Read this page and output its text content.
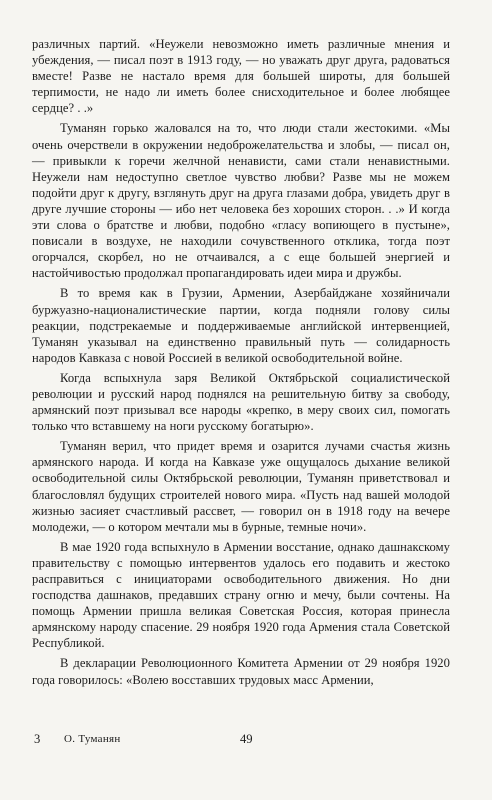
различных партий. «Неужели невозможно иметь различные мнения и убеждения, — писал поэт в 1913 году, — но уважать друг друга, радоваться вместе! Разве не настало время для большей широты, для большей терпимости, не надо ли иметь более снисходительное и более любящее сердце? . .»

Туманян горько жаловался на то, что люди стали жестокими. «Мы очень очерствели в окружении недоброжелательства и злобы, — писал он, — привыкли к горечи желчной ненависти, сами стали ненавистными. Неужели нам недоступно светлое чувство любви? Разве мы не можем подойти друг к другу, взглянуть друг на друга глазами добра, увидеть друг в друге лучшие стороны — ибо нет человека без хороших сторон. . .» И когда эти слова о братстве и любви, подобно «гласу вопиющего в пустыне», повисали в воздухе, не находили сочувственного отклика, тогда поэт огорчался, скорбел, но не отчаивался, а с еще большей энергией и настойчивостью продолжал пропагандировать идеи мира и дружбы.

В то время как в Грузии, Армении, Азербайджане хозяйничали буржуазно-националистические партии, когда подняли голову силы реакции, подстрекаемые и поддерживаемые английской интервенцией, Туманян указывал на единственно правильный путь — солидарность народов Кавказа с новой Россией в великой освободительной войне.

Когда вспыхнула заря Великой Октябрьской социалистической революции и русский народ поднялся на решительную битву за свободу, армянский поэт призывал все народы «крепко, в меру своих сил, помогать только что вставшему на ноги русскому богатырю».

Туманян верил, что придет время и озарится лучами счастья жизнь армянского народа. И когда на Кавказе уже ощущалось дыхание великой освободительной силы Октябрьской революции, Туманян приветствовал и благословлял будущих строителей нового мира. «Пусть над вашей молодой жизнью засияет счастливый рассвет, — говорил он в 1918 году на вечере молодежи, — о котором мечтали мы в бурные, темные ночи».

В мае 1920 года вспыхнуло в Армении восстание, однако дашнакскому правительству с помощью интервентов удалось его подавить и жестоко расправиться с инициаторами освободительного движения. Но дни господства дашнаков, предавших страну огню и мечу, были сочтены. На помощь Армении пришла великая Советская Россия, которая принесла армянскому народу спасение. 29 ноября 1920 года Армения стала Советской Республикой.

В декларации Революционного Комитета Армении от 29 ноября 1920 года говорилось: «Волею восставших трудовых масс Армении,

3 О. Туманян	49
